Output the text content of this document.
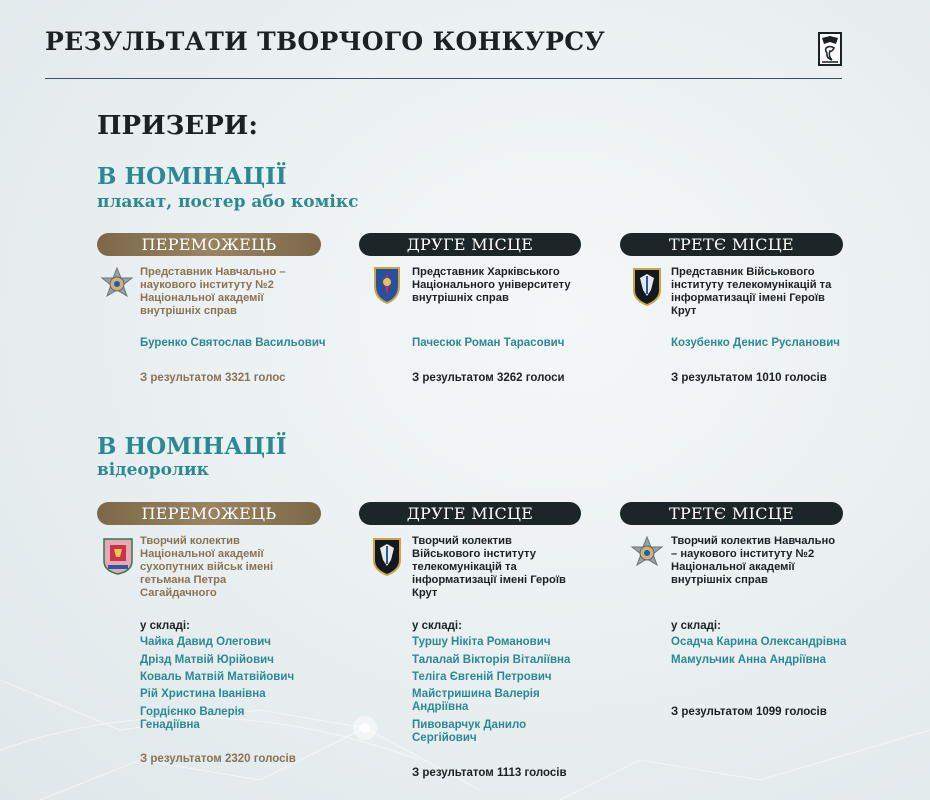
РЕЗУЛЬТАТИ ТВОРЧОГО КОНКУРСУ
ПРИЗЕРИ:
В НОМІНАЦІЇ
плакат, постер або комікс
ПЕРЕМОЖЕЦЬ
Представник Навчально – наукового інституту №2 Національної академії внутрішніх справ
Буренко Святослав Васильович
З результатом 3321 голос
ДРУГЕ МІСЦЕ
Представник Харківського Національного університету внутрішніх справ
Пачесюк Роман Тарасович
З результатом 3262 голоси
ТРЕТЄ МІСЦЕ
Представник Військового інституту телекомунікацій та інформатизації імені Героїв Крут
Козубенко Денис Русланович
З результатом 1010 голосів
В НОМІНАЦІЇ
відеоролик
ПЕРЕМОЖЕЦЬ
Творчий колектив Національної академії сухопутних військ імені гетьмана Петра Сагайдачного
у складі:
Чайка Давид Олегович
Дрізд Матвій Юрійович
Коваль Матвій Матвійович
Рій Христина Іванівна
Гордієнко Валерія Генадіївна
З результатом 2320 голосів
ДРУГЕ МІСЦЕ
Творчий колектив Військового інституту телекомунікацій та інформатизації імені Героїв Крут
у складі:
Туршу Нікіта Романович
Талалай Вікторія Віталіївна
Теліга Євгеній Петрович
Майстришина Валерія Андріївна
Пивоварчук Данило Сергійович
З результатом 1113 голосів
ТРЕТЄ МІСЦЕ
Творчий колектив Навчально – наукового інституту №2 Національної академії внутрішніх справ
у складі:
Осадча Карина Олександрівна
Мамульчик Анна Андріївна
З результатом 1099 голосів
